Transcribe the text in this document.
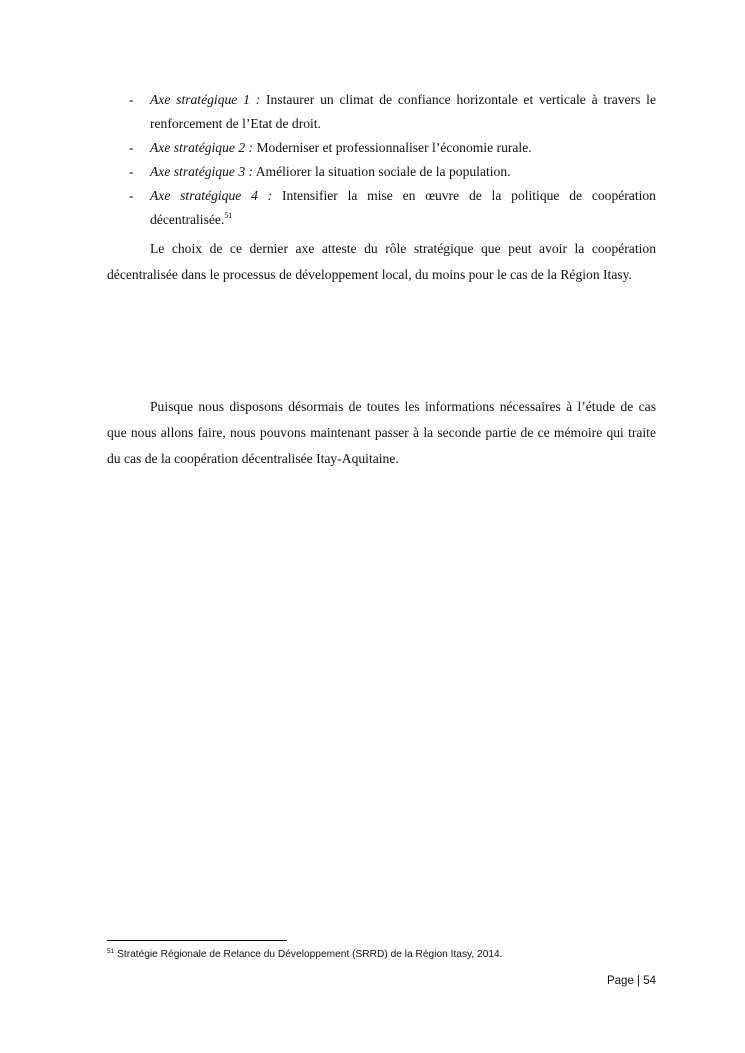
- Axe stratégique 1 : Instaurer un climat de confiance horizontale et verticale à travers le renforcement de l’Etat de droit.
- Axe stratégique 2 : Moderniser et professionnaliser l’économie rurale.
- Axe stratégique 3 : Améliorer la situation sociale de la population.
- Axe stratégique 4 : Intensifier la mise en œuvre de la politique de coopération décentralisée.$^{51}$

Le choix de ce dernier axe atteste du rôle stratégique que peut avoir la coopération décentralisée dans le processus de développement local, du moins pour le cas de la Région Itasy.

Puisque nous disposons désormais de toutes les informations nécessaires à l’étude de cas que nous allons faire, nous pouvons maintenant passer à la seconde partie de ce mémoire qui traite du cas de la coopération décentralisée Itay-Aquitaine.

$^{51}$ Stratégie Régionale de Relance du Développement (SRRD) de la Région Itasy, 2014.
Page | 54
